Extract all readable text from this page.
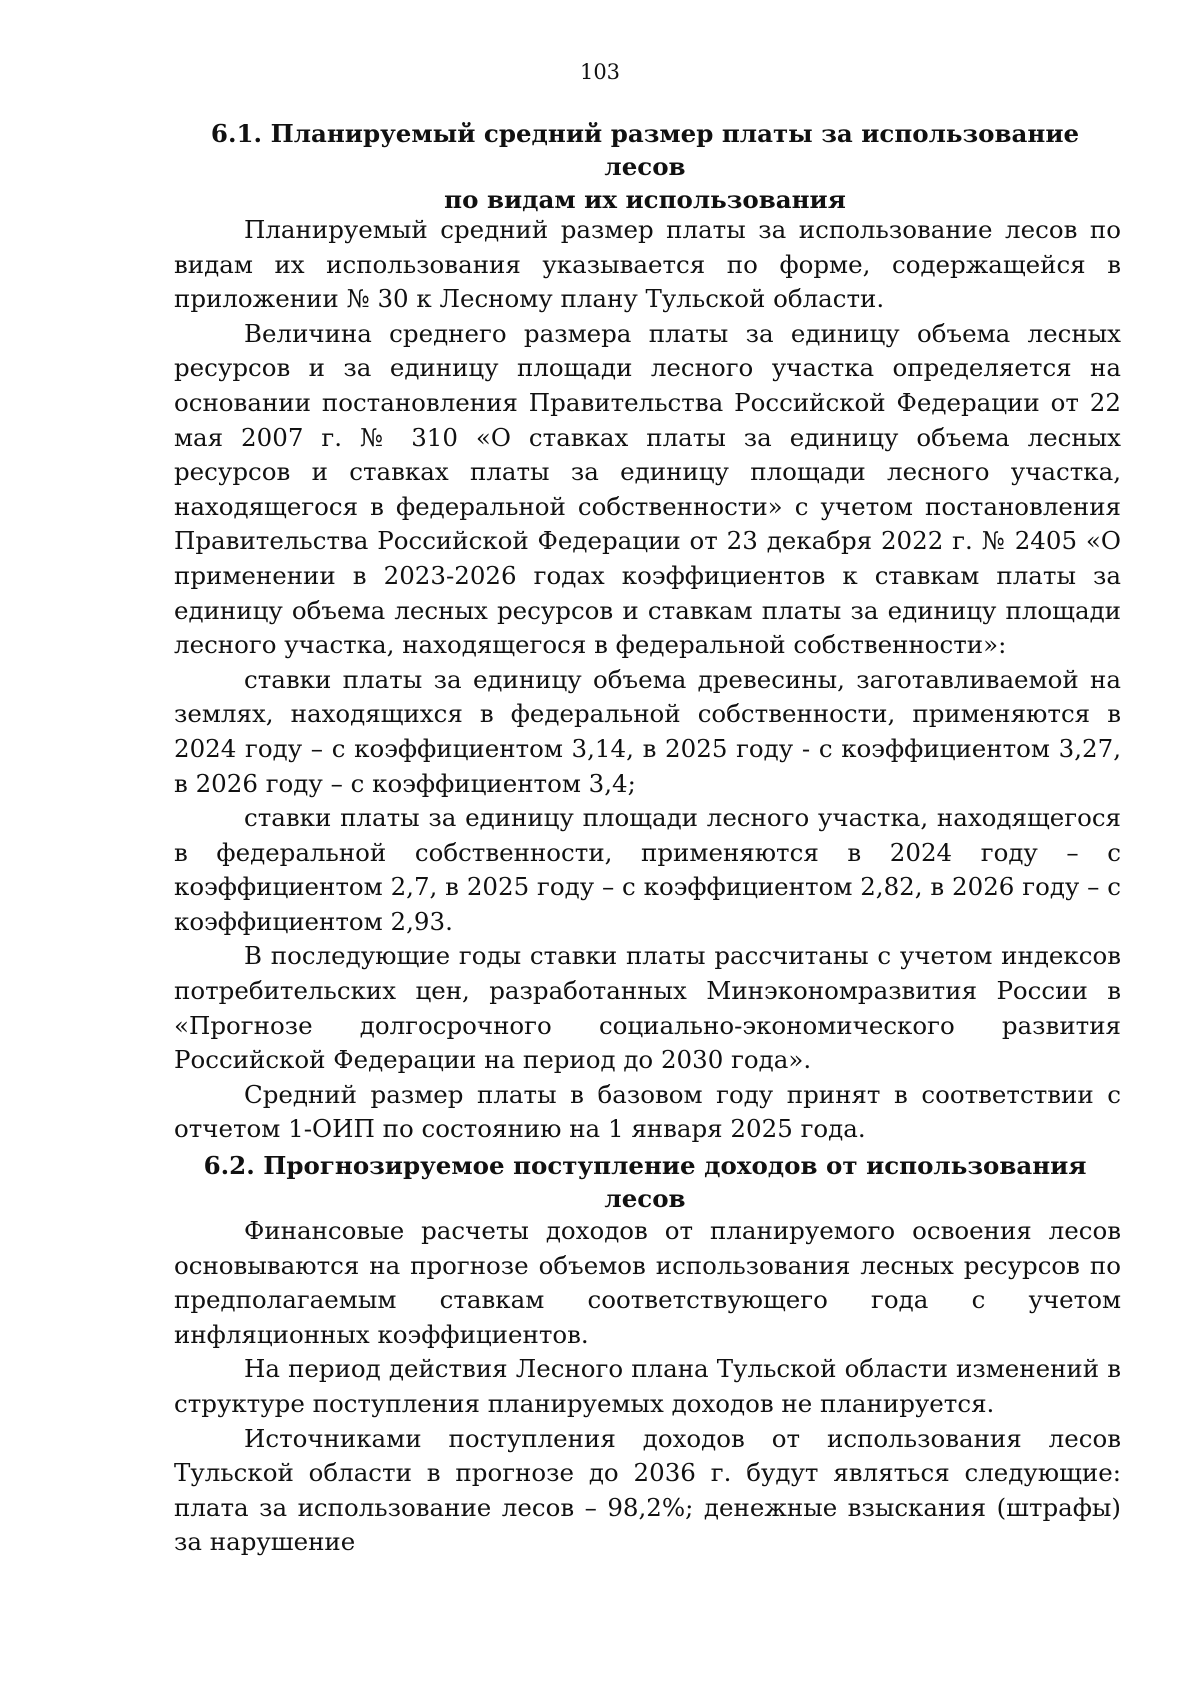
103
6.1. Планируемый средний размер платы за использование лесов
по видам их использования

Планируемый средний размер платы за использование лесов по видам их использования указывается по форме, содержащейся в приложении № 30 к Лесному плану Тульской области.

Величина среднего размера платы за единицу объема лесных ресурсов и за единицу площади лесного участка определяется на основании постановления Правительства Российской Федерации от 22 мая 2007 г. № 310 «О ставках платы за единицу объема лесных ресурсов и ставках платы за единицу площади лесного участка, находящегося в федеральной собственности» с учетом постановления Правительства Российской Федерации от 23 декабря 2022 г. № 2405 «О применении в 2023-2026 годах коэффициентов к ставкам платы за единицу объема лесных ресурсов и ставкам платы за единицу площади лесного участка, находящегося в федеральной собственности»:

ставки платы за единицу объема древесины, заготавливаемой на землях, находящихся в федеральной собственности, применяются в 2024 году – с коэффициентом 3,14, в 2025 году - с коэффициентом 3,27, в 2026 году – с коэффициентом 3,4;

ставки платы за единицу площади лесного участка, находящегося в федеральной собственности, применяются в 2024 году – с коэффициентом 2,7, в 2025 году – с коэффициентом 2,82, в 2026 году – с коэффициентом 2,93.

В последующие годы ставки платы рассчитаны с учетом индексов потребительских цен, разработанных Минэкономразвития России в «Прогнозе долгосрочного социально-экономического развития Российской Федерации на период до 2030 года».

Средний размер платы в базовом году принят в соответствии с отчетом 1-ОИП по состоянию на 1 января 2025 года.

6.2. Прогнозируемое поступление доходов от использования лесов

Финансовые расчеты доходов от планируемого освоения лесов основываются на прогнозе объемов использования лесных ресурсов по предполагаемым ставкам соответствующего года с учетом инфляционных коэффициентов.

На период действия Лесного плана Тульской области изменений в структуре поступления планируемых доходов не планируется.

Источниками поступления доходов от использования лесов Тульской области в прогнозе до 2036 г. будут являться следующие: плата за использование лесов – 98,2%; денежные взыскания (штрафы) за нарушение
